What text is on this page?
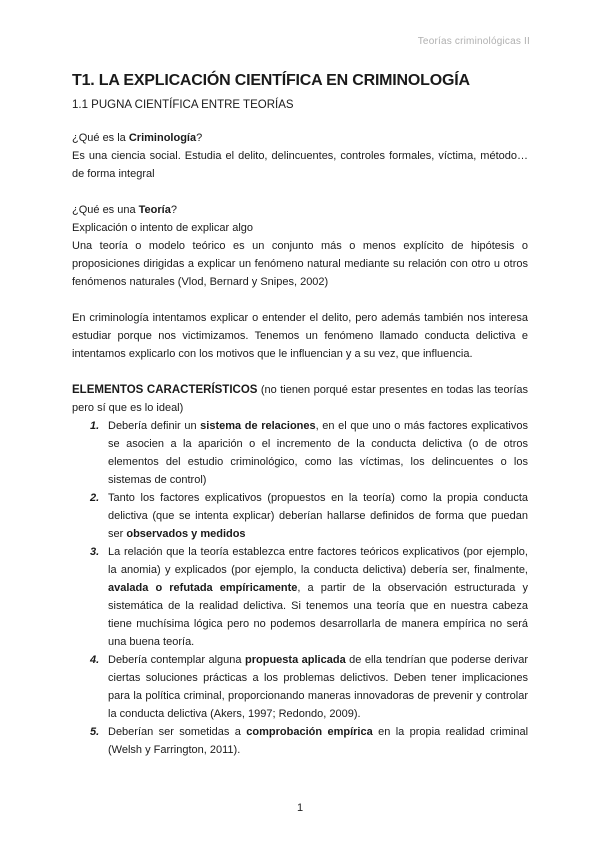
Teorías criminológicas II
T1. LA EXPLICACIÓN CIENTÍFICA EN CRIMINOLOGÍA
1.1 PUGNA CIENTÍFICA ENTRE TEORÍAS

¿Qué es la Criminología?

Es una ciencia social. Estudia el delito, delincuentes, controles formales, víctima, método… de forma integral

¿Qué es una Teoría?

Explicación o intento de explicar algo

Una teoría o modelo teórico es un conjunto más o menos explícito de hipótesis o proposiciones dirigidas a explicar un fenómeno natural mediante su relación con otro u otros fenómenos naturales (Vlod, Bernard y Snipes, 2002)

En criminología intentamos explicar o entender el delito, pero además también nos interesa estudiar porque nos victimizamos. Tenemos un fenómeno llamado conducta delictiva e intentamos explicarlo con los motivos que le influencian y a su vez, que influencia.

ELEMENTOS CARACTERÍSTICOS (no tienen porqué estar presentes en todas las teorías pero sí que es lo ideal)

1. Debería definir un sistema de relaciones, en el que uno o más factores explicativos se asocien a la aparición o el incremento de la conducta delictiva (o de otros elementos del estudio criminológico, como las víctimas, los delincuentes o los sistemas de control)
2. Tanto los factores explicativos (propuestos en la teoría) como la propia conducta delictiva (que se intenta explicar) deberían hallarse definidos de forma que puedan ser observados y medidos
3. La relación que la teoría establezca entre factores teóricos explicativos (por ejemplo, la anomia) y explicados (por ejemplo, la conducta delictiva) debería ser, finalmente, avalada o refutada empíricamente, a partir de la observación estructurada y sistemática de la realidad delictiva. Si tenemos una teoría que en nuestra cabeza tiene muchísima lógica pero no podemos desarrollarla de manera empírica no será una buena teoría.
4. Debería contemplar alguna propuesta aplicada de ella tendrían que poderse derivar ciertas soluciones prácticas a los problemas delictivos. Deben tener implicaciones para la política criminal, proporcionando maneras innovadoras de prevenir y controlar la conducta delictiva (Akers, 1997; Redondo, 2009).
5. Deberían ser sometidas a comprobación empírica en la propia realidad criminal (Welsh y Farrington, 2011).
1
